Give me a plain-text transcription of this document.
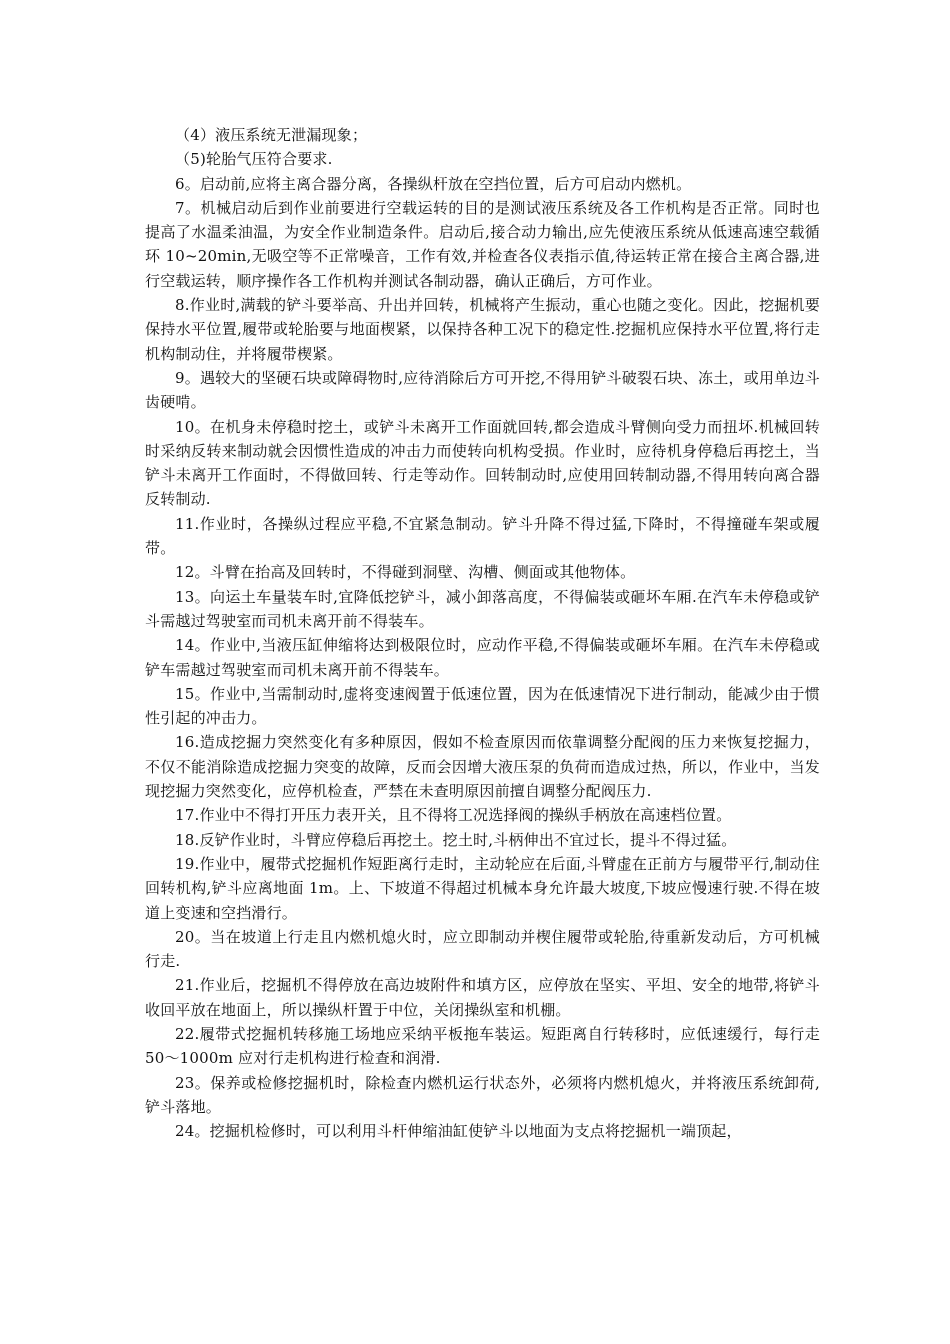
（4）液压系统无泄漏现象；

（5)轮胎气压符合要求.

6。启动前,应将主离合器分离，各操纵杆放在空挡位置，后方可启动内燃机。

7。机械启动后到作业前要进行空载运转的目的是测试液压系统及各工作机构是否正常。同时也提高了水温柔油温，为安全作业制造条件。启动后,接合动力输出,应先使液压系统从低速高速空载循环 10~20min,无吸空等不正常噪音，工作有效,并检查各仪表指示值,待运转正常在接合主离合器,进行空载运转，顺序操作各工作机构并测试各制动器，确认正确后，方可作业。

8.作业时,满载的铲斗要举高、升出并回转，机械将产生振动，重心也随之变化。因此，挖掘机要保持水平位置,履带或轮胎要与地面楔紧，以保持各种工况下的稳定性.挖掘机应保持水平位置,将行走机构制动住，并将履带楔紧。

9。遇较大的坚硬石块或障碍物时,应待消除后方可开挖,不得用铲斗破裂石块、冻土，或用单边斗齿硬啃。

10。在机身未停稳时挖土，或铲斗未离开工作面就回转,都会造成斗臂侧向受力而扭坏.机械回转时采纳反转来制动就会因惯性造成的冲击力而使转向机构受损。作业时，应待机身停稳后再挖土，当铲斗未离开工作面时，不得做回转、行走等动作。回转制动时,应使用回转制动器,不得用转向离合器反转制动.

11.作业时，各操纵过程应平稳,不宜紧急制动。铲斗升降不得过猛,下降时，不得撞碰车架或履带。

12。斗臂在抬高及回转时，不得碰到洞壁、沟槽、侧面或其他物体。

13。向运土车量装车时,宜降低挖铲斗，减小卸落高度，不得偏装或砸坏车厢.在汽车未停稳或铲斗需越过驾驶室而司机未离开前不得装车。

14。作业中,当液压缸伸缩将达到极限位时，应动作平稳,不得偏装或砸坏车厢。在汽车未停稳或铲车需越过驾驶室而司机未离开前不得装车。

15。作业中,当需制动时,虚将变速阀置于低速位置，因为在低速情况下进行制动，能减少由于惯性引起的冲击力。

16.造成挖掘力突然变化有多种原因，假如不检查原因而依靠调整分配阀的压力来恢复挖掘力，不仅不能消除造成挖掘力突变的故障，反而会因增大液压泵的负荷而造成过热，所以，作业中，当发现挖掘力突然变化，应停机检查，严禁在未查明原因前擅自调整分配阀压力.

17.作业中不得打开压力表开关，且不得将工况选择阀的操纵手柄放在高速档位置。

18.反铲作业时，斗臂应停稳后再挖土。挖土时,斗柄伸出不宜过长，提斗不得过猛。

19.作业中，履带式挖掘机作短距离行走时，主动轮应在后面,斗臂虚在正前方与履带平行,制动住回转机构,铲斗应离地面 1m。上、下坡道不得超过机械本身允许最大坡度,下坡应慢速行驶.不得在坡道上变速和空挡滑行。

20。当在坡道上行走且内燃机熄火时，应立即制动并楔住履带或轮胎,待重新发动后，方可机械行走.

21.作业后，挖掘机不得停放在高边坡附件和填方区，应停放在坚实、平坦、安全的地带,将铲斗收回平放在地面上，所以操纵杆置于中位，关闭操纵室和机棚。

22.履带式挖掘机转移施工场地应采纳平板拖车装运。短距离自行转移时，应低速缓行，每行走 50～1000m 应对行走机构进行检查和润滑.

23。保养或检修挖掘机时，除检查内燃机运行状态外，必须将内燃机熄火，并将液压系统卸荷,铲斗落地。

24。挖掘机检修时，可以利用斗杆伸缩油缸使铲斗以地面为支点将挖掘机一端顶起，
